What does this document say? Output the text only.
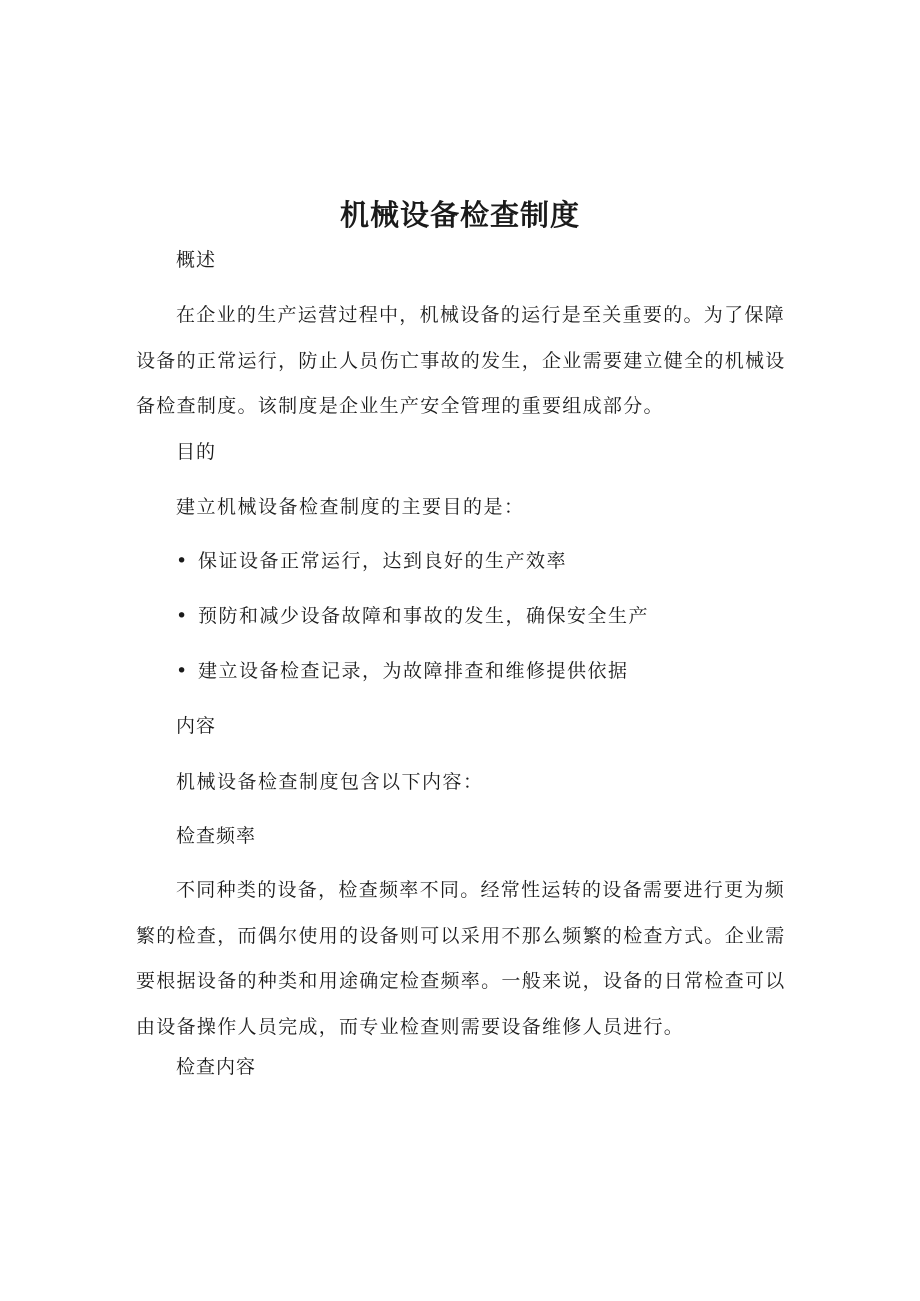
机械设备检查制度

概述

在企业的生产运营过程中，机械设备的运行是至关重要的。为了保障设备的正常运行，防止人员伤亡事故的发生，企业需要建立健全的机械设备检查制度。该制度是企业生产安全管理的重要组成部分。

目的

建立机械设备检查制度的主要目的是：

• 保证设备正常运行，达到良好的生产效率

• 预防和减少设备故障和事故的发生，确保安全生产

• 建立设备检查记录，为故障排查和维修提供依据

内容

机械设备检查制度包含以下内容：

检查频率

不同种类的设备，检查频率不同。经常性运转的设备需要进行更为频繁的检查，而偶尔使用的设备则可以采用不那么频繁的检查方式。企业需要根据设备的种类和用途确定检查频率。一般来说，设备的日常检查可以由设备操作人员完成，而专业检查则需要设备维修人员进行。

检查内容
